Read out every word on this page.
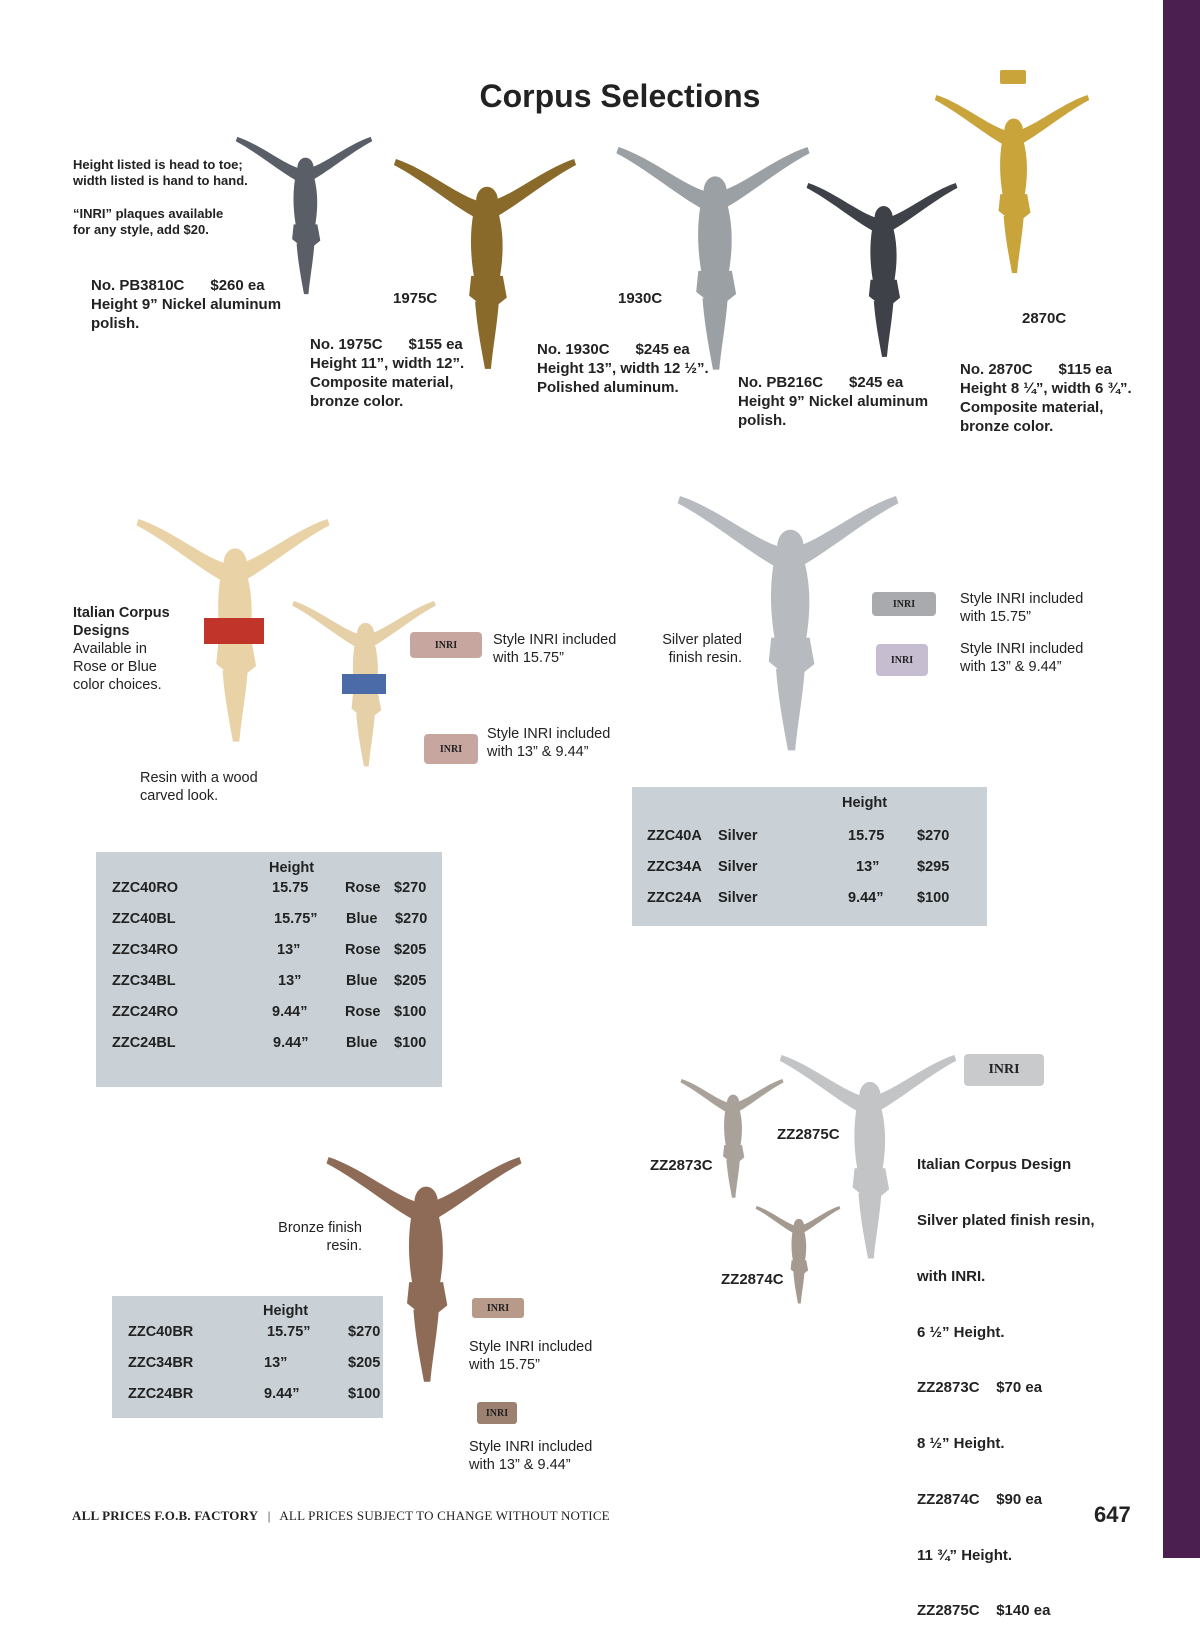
Corpus Selections
Height listed is head to toe;
width listed is hand to hand.
“INRI” plaques available
for any style, add $20.
1975C	1930C
2870C
No. PB3810C $260 ea
Height 9” Nickel aluminum
polish.
No. 1975C $155 ea
Height 11”, width 12”.
Composite material,
bronze color.
No. 1930C $245 ea
Height 13”, width 12 ½”.
Polished aluminum.	No. PB216C $245 ea
Height 9” Nickel aluminum
polish.
No. 2870C $115 ea
Height 8 ¼”, width 6 ¾”.
Composite material,
bronze color.
Italian Corpus
Designs
Available in
Rose or Blue
color choices.
Resin with a wood
carved look.
INRI Style INRI included
with 15.75”
INRI
Style INRI included
with 13” & 9.44”
Height
ZZC40RO	15.75	Rose $270
ZZC40BL	15.75” Blue $270
ZZC34RO	13”	Rose $205
ZZC34BL	13”	Blue $205
ZZC24RO	9.44”	Rose $100
ZZC24BL	9.44”	Blue $100
Silver plated
finish resin.
INRI	Style INRI included
with 15.75”
INRI
Style INRI included
with 13” & 9.44”
Height
ZZC40A Silver	15.75 $270
ZZC34A Silver	13”	$295
ZZC24A Silver	9.44” $100
Bronze finish
resin.
INRI
Style INRI included
with 15.75”
INRI
Style INRI included
with 13” & 9.44”
Height
ZZC40BR	15.75”	$270
ZZC34BR	13”	$205
ZZC24BR	9.44”	$100
INRI
ZZ2873C
ZZ2875C
ZZ2874C

Italian Corpus Design

Silver plated finish resin,

with INRI.

6 ½” Height.

ZZ2873C    $70 ea

8 ½” Height.

ZZ2874C    $90 ea

11 ¾” Height.

ZZ2875C    $140 ea

ALL PRICES F.O.B. FACTORY | ALL PRICES SUBJECT TO CHANGE WITHOUT NOTICE	647
